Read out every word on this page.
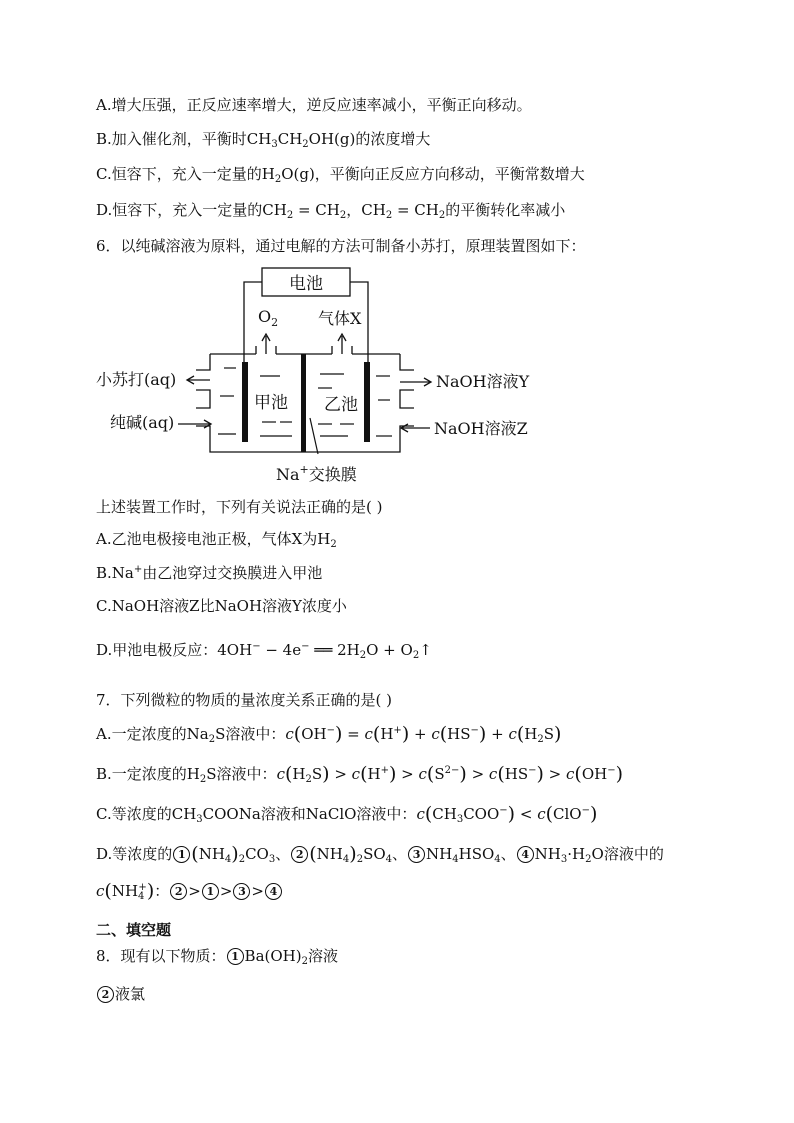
A.增大压强，正反应速率增大，逆反应速率减小，平衡正向移动。
B.加入催化剂，平衡时$CH_3CH_2OH(g)$的浓度增大
C.恒容下，充入一定量的$H_2O(g)$，平衡向正反应方向移动，平衡常数增大
D.恒容下，充入一定量的$CH_2 = CH_2$，$CH_2 = CH_2$的平衡转化率减小
6．以纯碱溶液为原料，通过电解的方法可制备小苏打，原理装置图如下：
电池
$O_2$ 气体X
甲池 乙池
小苏打(aq)
纯碱(aq)
NaOH溶液Y
NaOH溶液Z
Na+交换膜
上述装置工作时，下列有关说法正确的是( )
A.乙池电极接电池正极，气体X为$H_2$
B.Na+由乙池穿过交换膜进入甲池
C.NaOH溶液Z比NaOH溶液Y浓度小
D.甲池电极反应：4OH− − 4e− ══ $2H_2O$ + $O_2↑$
7．下列微粒的物质的量浓度关系正确的是( )
A.一定浓度的$Na_2S$溶液中：$c(OH^-) = c(H^+) + c(HS^-) + c(H_2S)$
B.一定浓度的$H_2S$溶液中：$c(H_2S) > c(H^+) > c(S^{2-}) > c(HS^-) > c(OH^-)$
C.等浓度的$CH_3COONa$溶液和NaClO溶液中：$c(CH_3COO^-) < c(ClO^-)$
D.等浓度的 1 $(NH_4)_2CO_3$、 2 $(NH_4)_2SO_4$、 3 $NH_4HSO_4$、 4 $NH_3\cdot H_2O$溶液中的
$c(NH_4^+)$： 2 > 1 > 3 > 4
二、填空题
8．现有以下物质： 1 $Ba(OH)_2$溶液
2 液氯
